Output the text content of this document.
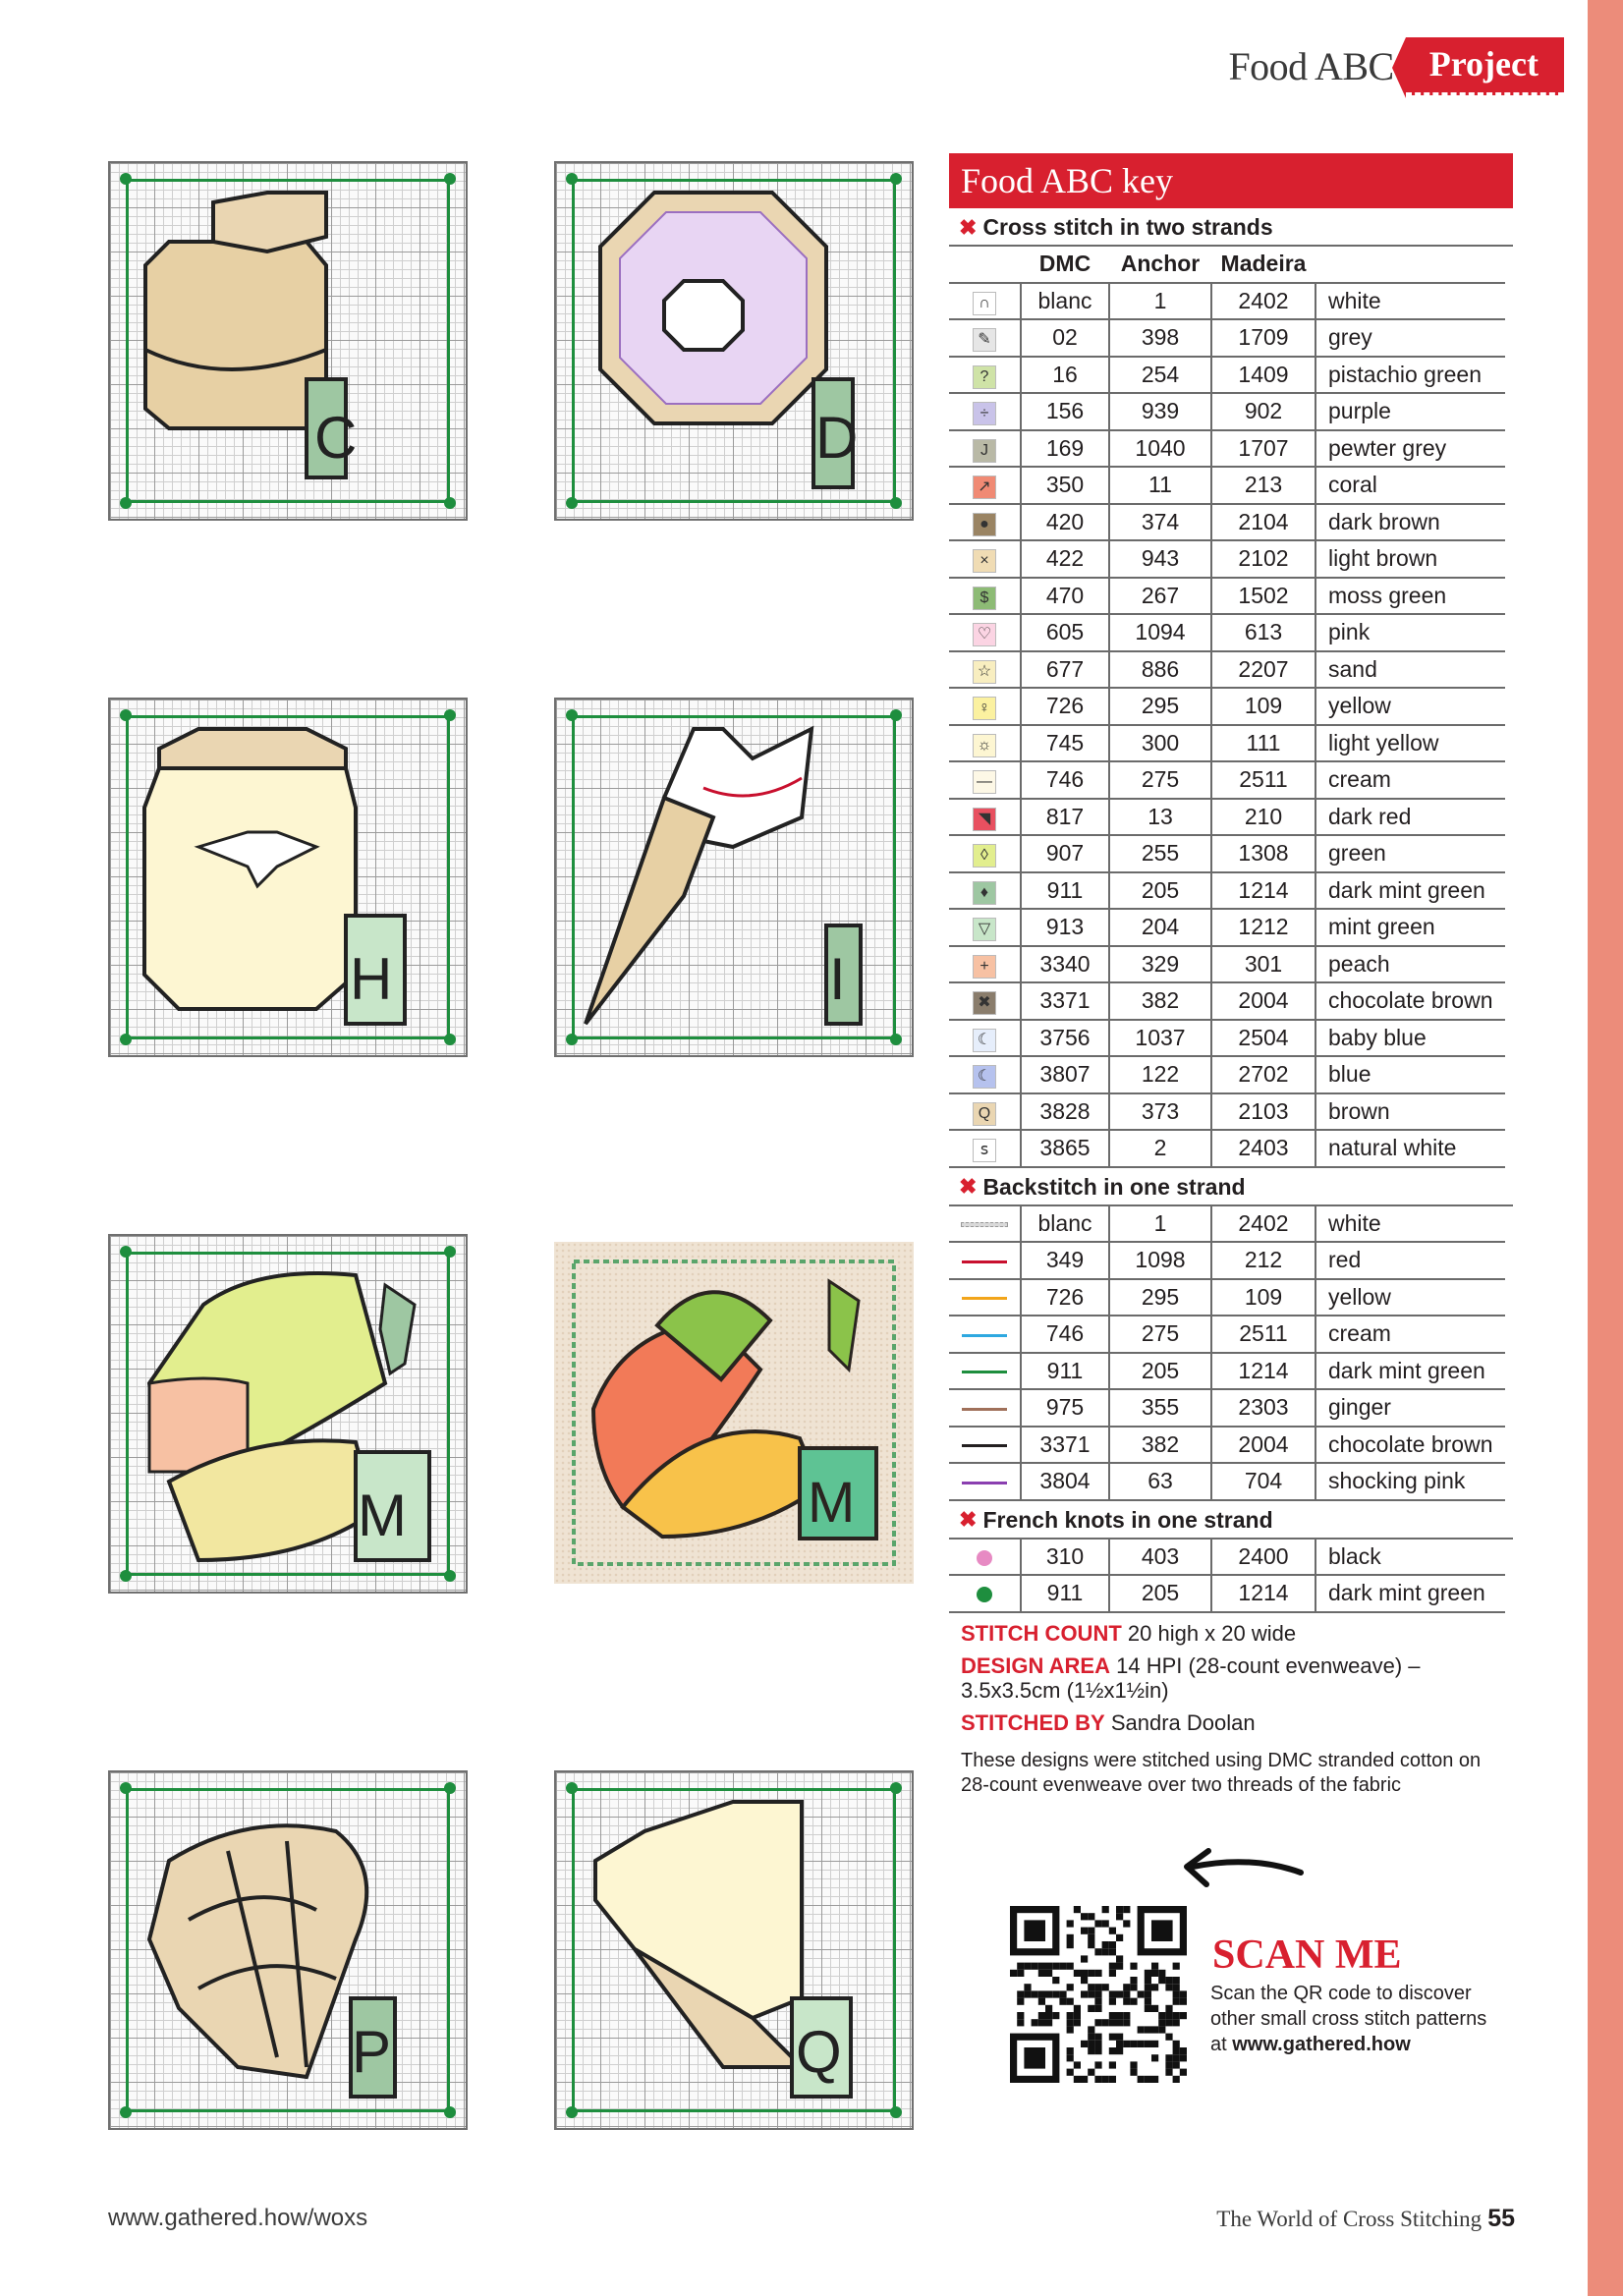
Food ABC	Project
C	D
H	I
M	M
P	Q
Food ABC key
✖ Cross stitch in two strands
	DMC	Anchor	Madeira	
∩	blanc	1	2402	white
✎	02	398	1709	grey
?	16	254	1409	pistachio green
÷	156	939	902	purple
J	169	1040	1707	pewter grey
↗	350	11	213	coral
●	420	374	2104	dark brown
×	422	943	2102	light brown
$	470	267	1502	moss green
♡	605	1094	613	pink
☆	677	886	2207	sand
♀	726	295	109	yellow
☼	745	300	111	light yellow
—	746	275	2511	cream
◥	817	13	210	dark red
◊	907	255	1308	green
♦	911	205	1214	dark mint green
▽	913	204	1212	mint green
+	3340	329	301	peach
✖	3371	382	2004	chocolate brown
☾	3756	1037	2504	baby blue
☾	3807	122	2702	blue
Q	3828	373	2103	brown
ꜱ	3865	2	2403	natural white
✖ Backstitch in one strand
	blanc	1	2402	white
	349	1098	212	red
	726	295	109	yellow
	746	275	2511	cream
	911	205	1214	dark mint green
	975	355	2303	ginger
	3371	382	2004	chocolate brown
	3804	63	704	shocking pink
✖ French knots in one strand
	310	403	2400	black
	911	205	1214	dark mint green

STITCH COUNT 20 high x 20 wide

DESIGN AREA 14 HPI (28-count evenweave) – 3.5x3.5cm (1½x1½in)

STITCHED BY Sandra Doolan

These designs were stitched using DMC stranded cotton on 28-count evenweave over two threads of the fabric

SCAN ME
Scan the QR code to discover other small cross stitch patterns at www.gathered.how
www.gathered.how/woxs	The World of Cross Stitching 55
